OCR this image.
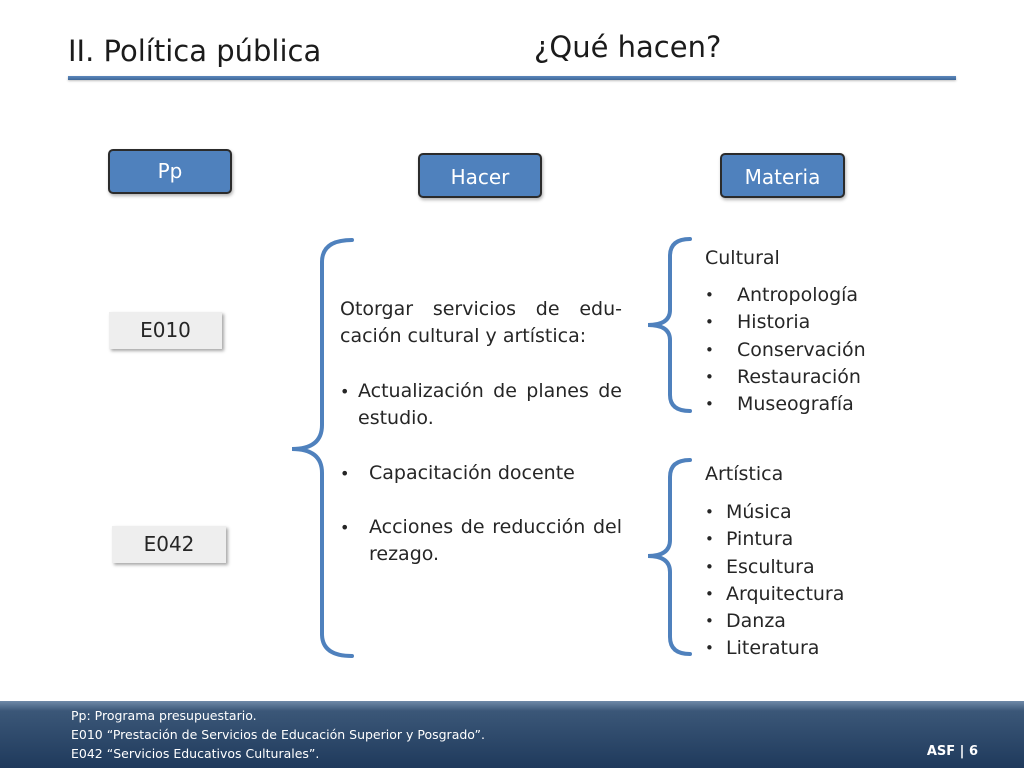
II. Política pública	¿Qué hacen?
Pp	Hacer	Materia
E010
E042
Otorgar servicios de edu-cación cultural y artística:
• Actualización de planes de estudio.
• Capacitación docente
• Acciones de reducción del rezago.
Cultural
• Antropología
• Historia
• Conservación
• Restauración
• Museografía
Artística
• Música
• Pintura
• Escultura
• Arquitectura
• Danza
• Literatura
Pp: Programa presupuestario.
E010 “Prestación de Servicios de Educación Superior y Posgrado”.
E042 “Servicios Educativos Culturales”.	ASF | 6
